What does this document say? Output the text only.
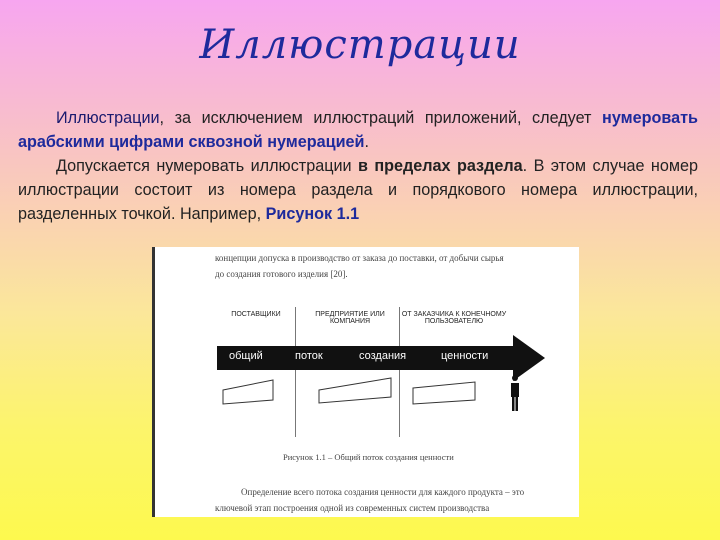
Иллюстрации

Иллюстрации, за исключением иллюстраций приложений, следует нумеровать арабскими цифрами сквозной нумерацией.

Допускается нумеровать иллюстрации в пределах раздела. В этом случае номер иллюстрации состоит из номера раздела и порядкового номера иллюстрации, разделенных точкой. Например, Рисунок 1.1

концепции допуска в производство от заказа до поставки, от добычи сырья
до создания готового изделия [20].
ПОСТАВЩИКИ	ПРЕДПРИЯТИЕ ИЛИ КОМПАНИЯ
ОТ ЗАКАЗЧИКА К КОНЕЧНОМУ ПОЛЬЗОВАТЕЛЮ
общий	поток	создания	ценности
Рисунок 1.1 – Общий поток создания ценности
Определение всего потока создания ценности для каждого продукта – это
ключевой этап построения одной из современных систем производства
